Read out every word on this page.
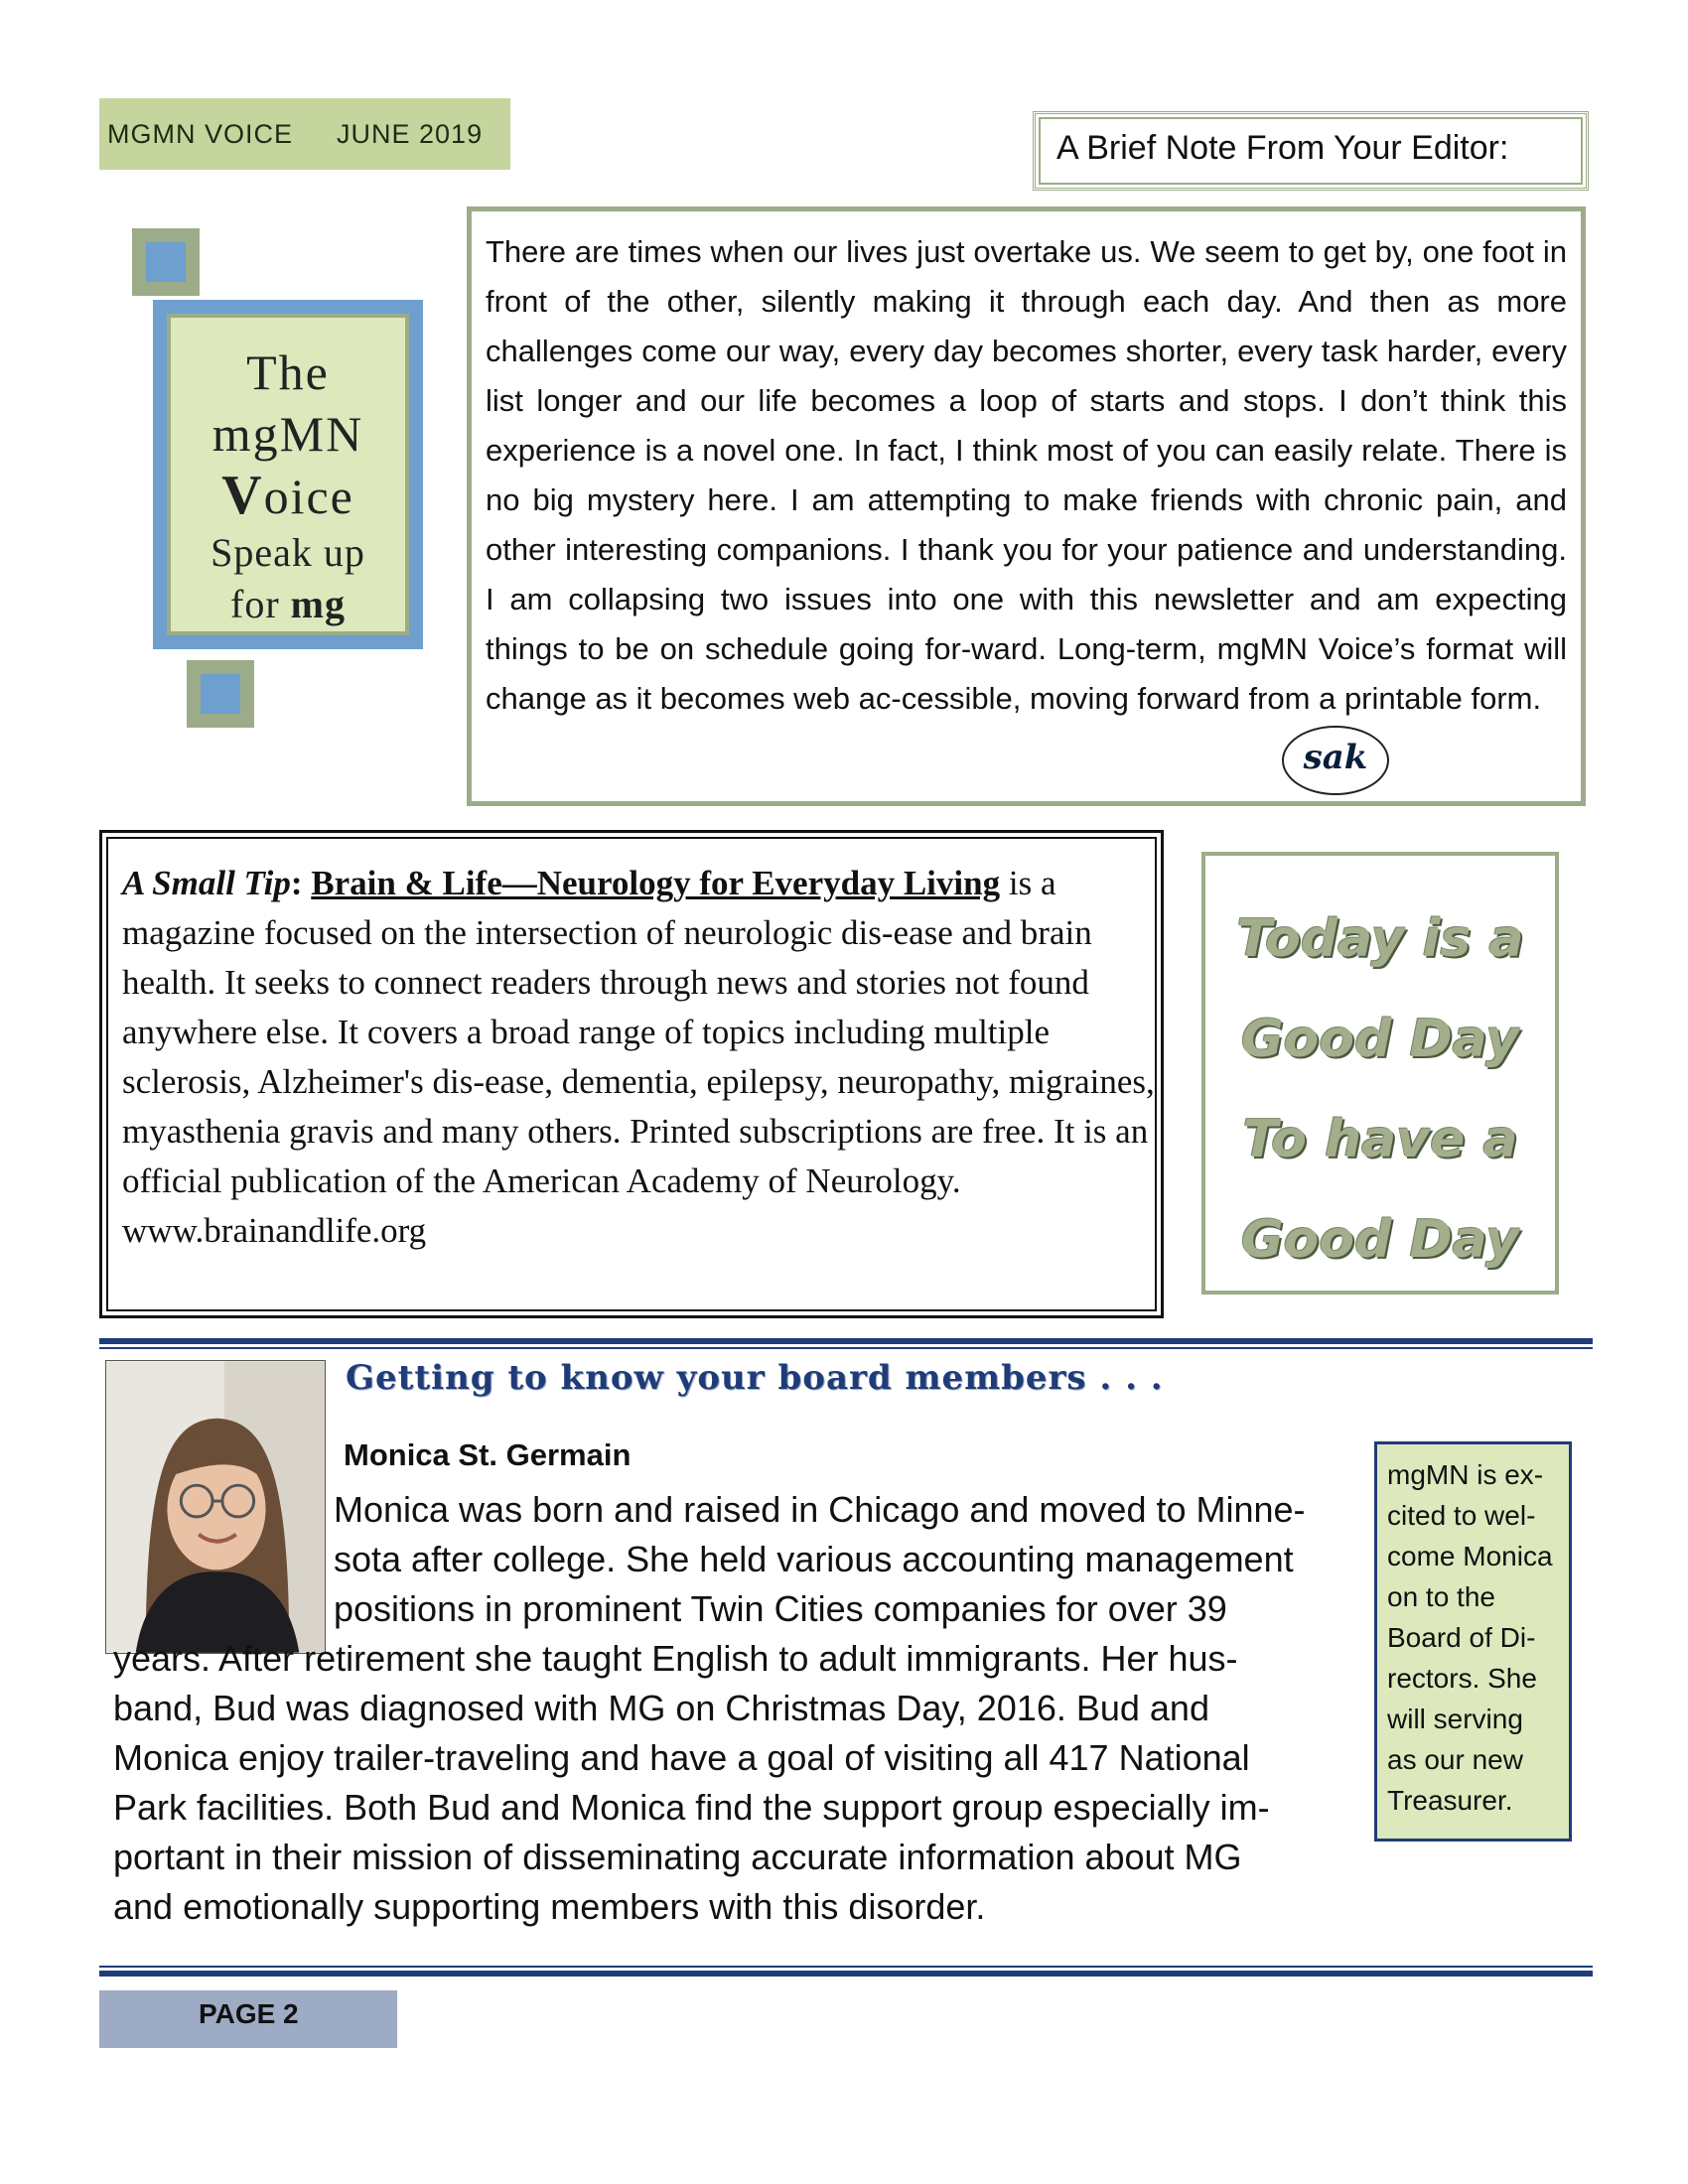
MGMN VOICE JUNE 2019	A Brief Note From Your Editor:
The
mgMN
Voice
Speak up
for mg

There are times when our lives just overtake us. We seem to get by, one foot in front of the other, silently making it through each day. And then as more challenges come our way, every day becomes shorter, every task harder, every list longer and our life becomes a loop of starts and stops. I don’t think this experience is a novel one. In fact, I think most of you can easily relate. There is no big mystery here. I am attempting to make friends with chronic pain, and other interesting companions. I thank you for your patience and understanding. I am collapsing two issues into one with this newsletter and am expecting things to be on schedule going for-ward. Long-term, mgMN Voice’s format will change as it becomes web ac-cessible, moving forward from a printable form.

sak
A Small Tip: Brain & Life—Neurology for Everyday Living is a magazine focused on the intersection of neurologic dis-ease and brain health. It seeks to connect readers through news and stories not found anywhere else. It covers a broad range of topics including multiple sclerosis, Alzheimer's dis-ease, dementia, epilepsy, neuropathy, migraines, myasthenia gravis and many others. Printed subscriptions are free. It is an official publication of the American Academy of Neurology.
www.brainandlife.org
Today is a
Good Day
To have a
Good Day
Getting to know your board members . . .
Monica St. Germain
Monica was born and raised in Chicago and moved to Minne-
sota after college. She held various accounting management
positions in prominent Twin Cities companies for over 39
years. After retirement she taught English to adult immigrants. Her hus-
band, Bud was diagnosed with MG on Christmas Day, 2016. Bud and
Monica enjoy trailer-traveling and have a goal of visiting all 417 National
Park facilities. Both Bud and Monica find the support group especially im-
portant in their mission of disseminating accurate information about MG
and emotionally supporting members with this disorder.
mgMN is ex-
cited to wel-
come Monica
on to the
Board of Di-
rectors. She
will serving
as our new
Treasurer.
PAGE 2
